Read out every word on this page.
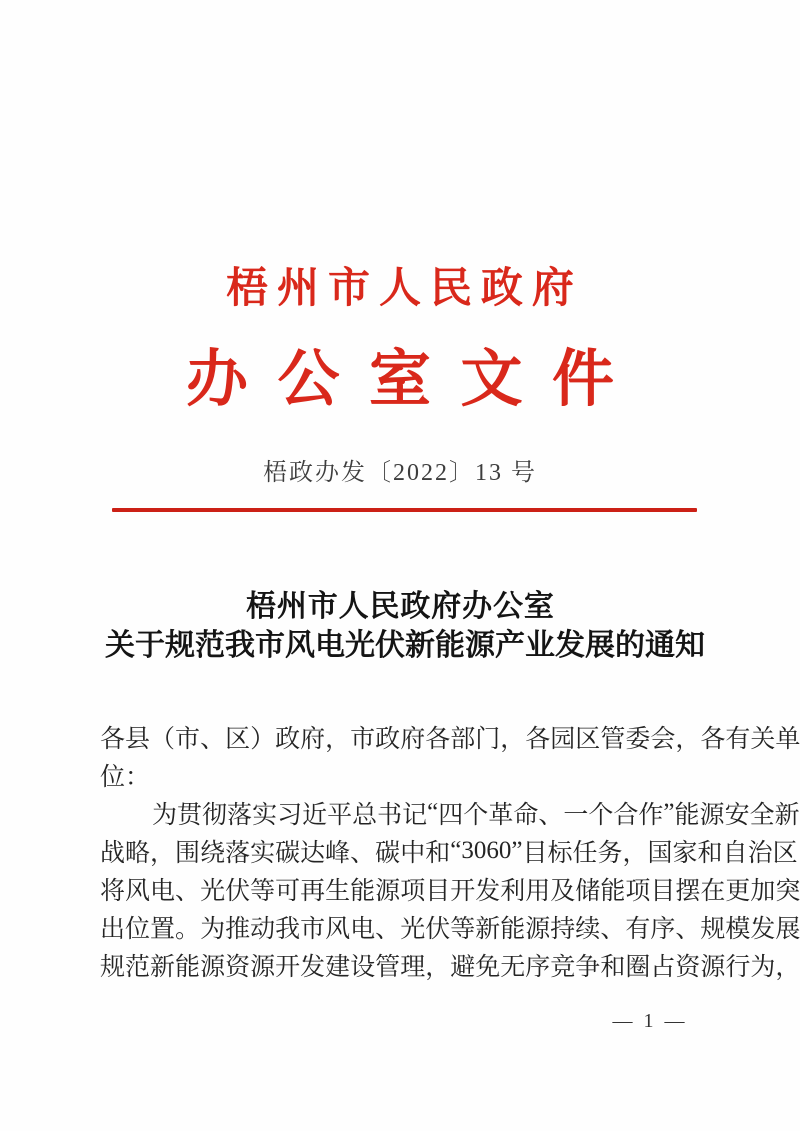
梧 州 市 人 民 政 府
办 公 室 文 件
梧政办发〔2022〕13 号
梧 州 市 人 民 政 府 办 公 室
关 于 规 范 我 市 风 电 光 伏 新 能 源 产 业 发 展 的 通 知
各 县 （ 市 、 区 ） 政 府 ， 市 政 府 各 部 门 ， 各 园 区 管 委 会 ， 各 有 关 单
位：
为 贯 彻 落 实 习 近 平 总 书 记 “ 四 个 革 命 、 一 个 合 作 ” 能 源 安 全 新
战 略 ， 围 绕 落 实 碳 达 峰 、 碳 中 和 “ 3060 ” 目 标 任 务 ， 国 家 和 自 治 区
将 风 电 、 光 伏 等 可 再 生 能 源 项 目 开 发 利 用 及 储 能 项 目 摆 在 更 加 突
出 位 置 。 为 推 动 我 市 风 电 、 光 伏 等 新 能 源 持 续 、 有 序 、 规 模 发 展
规 范 新 能 源 资 源 开 发 建 设 管 理 ， 避 免 无 序 竞 争 和 圈 占 资 源 行 为 ，
— 1 —
